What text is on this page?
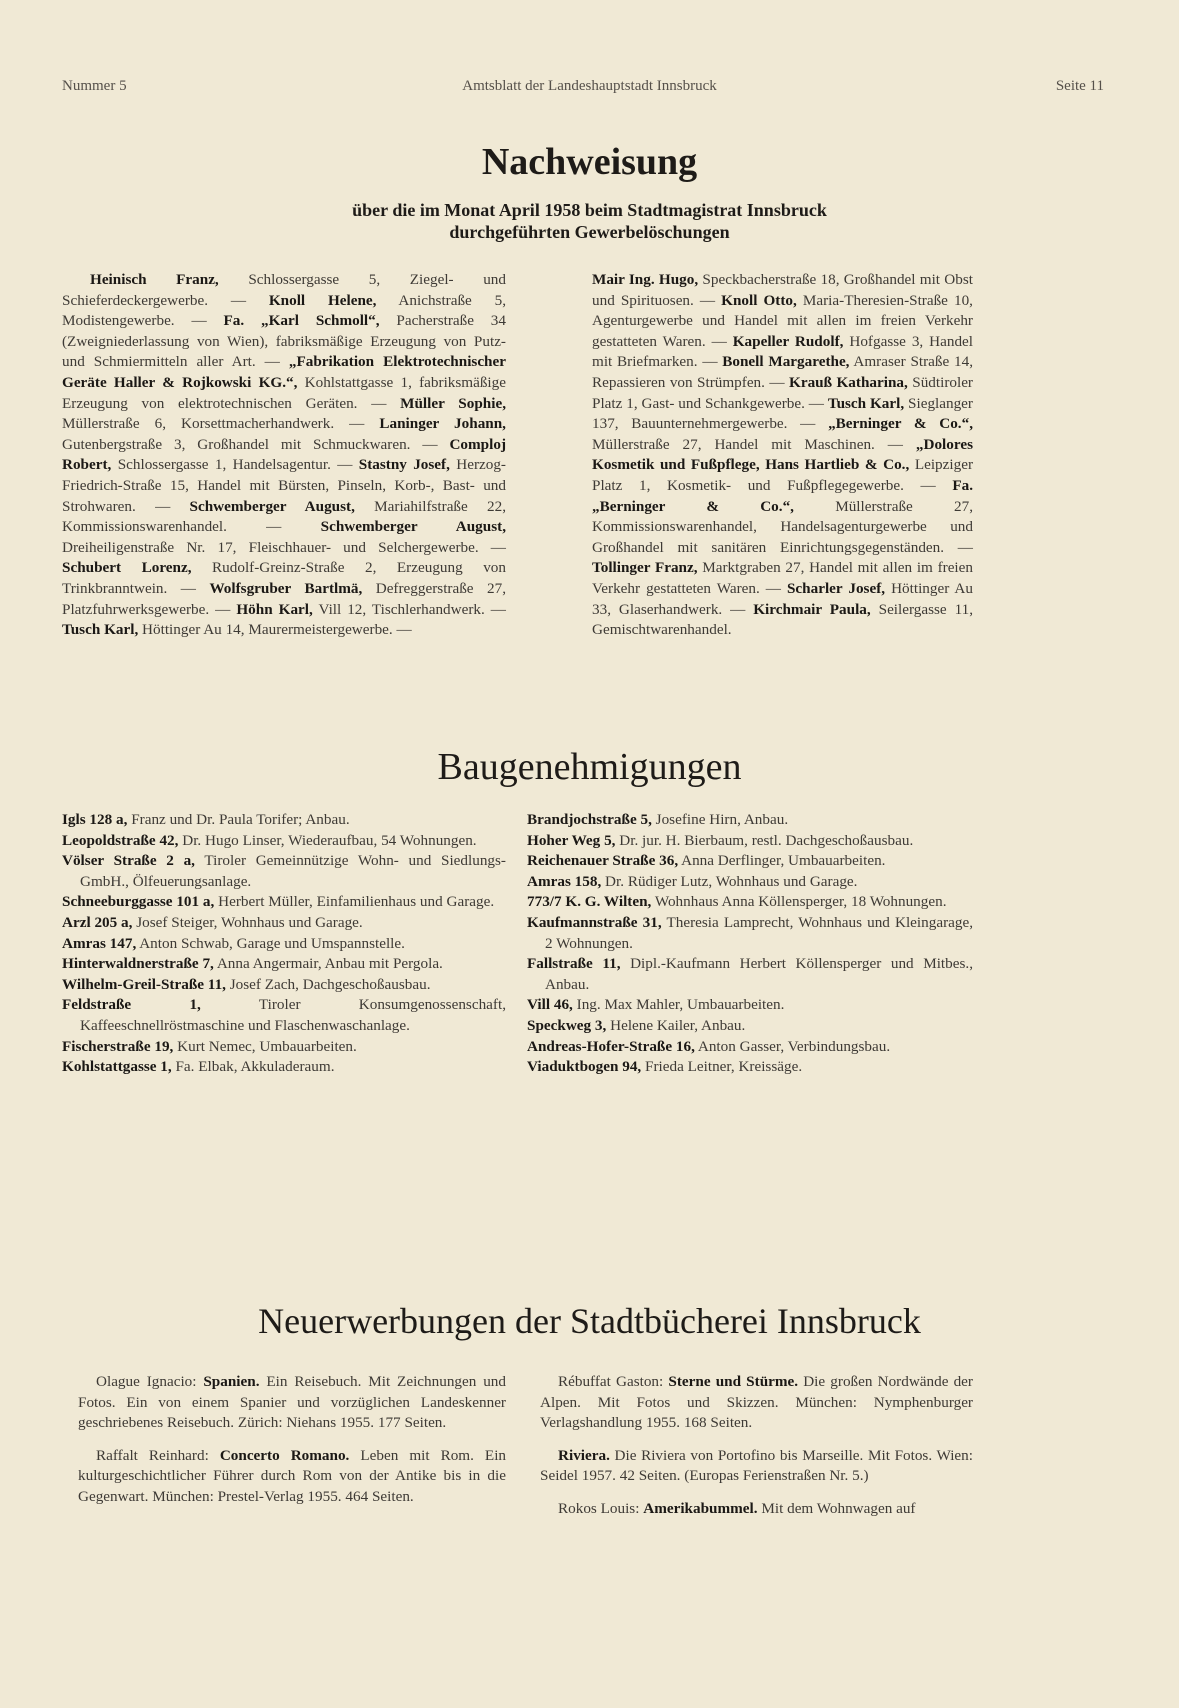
Nummer 5	Amtsblatt der Landeshauptstadt Innsbruck	Seite 11
Nachweisung
über die im Monat April 1958 beim Stadtmagistrat Innsbruck
durchgeführten Gewerbelöschungen
Heinisch Franz, Schlossergasse 5, Ziegel- und Schieferdeckergewerbe. — Knoll Helene, Anichstraße 5, Modistengewerbe. — Fa. „Karl Schmoll“, Pacherstraße 34 (Zweigniederlassung von Wien), fabriksmäßige Erzeugung von Putz- und Schmiermitteln aller Art. — „Fabrikation Elektrotechnischer Geräte Haller & Rojkowski KG.“, Kohlstattgasse 1, fabriksmäßige Erzeugung von elektrotechnischen Geräten. — Müller Sophie, Müllerstraße 6, Korsettmacherhandwerk. — Laninger Johann, Gutenbergstraße 3, Großhandel mit Schmuckwaren. — Comploj Robert, Schlossergasse 1, Handelsagentur. — Stastny Josef, Herzog-Friedrich-Straße 15, Handel mit Bürsten, Pinseln, Korb-, Bast- und Strohwaren. — Schwemberger August, Mariahilfstraße 22, Kommissionswarenhandel. — Schwemberger August, Dreiheiligenstraße Nr. 17, Fleischhauer- und Selchergewerbe. — Schubert Lorenz, Rudolf-Greinz-Straße 2, Erzeugung von Trinkbranntwein. — Wolfsgruber Bartlmä, Defreggerstraße 27, Platzfuhrwerksgewerbe. — Höhn Karl, Vill 12, Tischlerhandwerk. — Tusch Karl, Höttinger Au 14, Maurermeistergewerbe. —
Mair Ing. Hugo, Speckbacherstraße 18, Großhandel mit Obst und Spirituosen. — Knoll Otto, Maria-Theresien-Straße 10, Agenturgewerbe und Handel mit allen im freien Verkehr gestatteten Waren. — Kapeller Rudolf, Hofgasse 3, Handel mit Briefmarken. — Bonell Margarethe, Amraser Straße 14, Repassieren von Strümpfen. — Krauß Katharina, Südtiroler Platz 1, Gast- und Schankgewerbe. — Tusch Karl, Sieglanger 137, Bauunternehmergewerbe. — „Berninger & Co.“, Müllerstraße 27, Handel mit Maschinen. — „Dolores Kosmetik und Fußpflege, Hans Hartlieb & Co., Leipziger Platz 1, Kosmetik- und Fußpflegegewerbe. — Fa. „Berninger & Co.“, Müllerstraße 27, Kommissionswarenhandel, Handelsagenturgewerbe und Großhandel mit sanitären Einrichtungsgegenständen. — Tollinger Franz, Marktgraben 27, Handel mit allen im freien Verkehr gestatteten Waren. — Scharler Josef, Höttinger Au 33, Glaserhandwerk. — Kirchmair Paula, Seilergasse 11, Gemischtwarenhandel.
Baugenehmigungen

Igls 128 a, Franz und Dr. Paula Torifer; Anbau.

Leopoldstraße 42, Dr. Hugo Linser, Wiederaufbau, 54 Wohnungen.

Völser Straße 2 a, Tiroler Gemeinnützige Wohn- und Siedlungs-GmbH., Ölfeuerungsanlage.

Schneeburggasse 101 a, Herbert Müller, Einfamilienhaus und Garage.

Arzl 205 a, Josef Steiger, Wohnhaus und Garage.

Amras 147, Anton Schwab, Garage und Umspannstelle.

Hinterwaldnerstraße 7, Anna Angermair, Anbau mit Pergola.

Wilhelm-Greil-Straße 11, Josef Zach, Dachgeschoßausbau.

Feldstraße 1, Tiroler Konsumgenossenschaft, Kaffeeschnellröstmaschine und Flaschenwaschanlage.

Fischerstraße 19, Kurt Nemec, Umbauarbeiten.

Kohlstattgasse 1, Fa. Elbak, Akkuladeraum.

Brandjochstraße 5, Josefine Hirn, Anbau.

Hoher Weg 5, Dr. jur. H. Bierbaum, restl. Dachgeschoßausbau.

Reichenauer Straße 36, Anna Derflinger, Umbauarbeiten.

Amras 158, Dr. Rüdiger Lutz, Wohnhaus und Garage.

773/7 K. G. Wilten, Wohnhaus Anna Köllensperger, 18 Wohnungen.

Kaufmannstraße 31, Theresia Lamprecht, Wohnhaus und Kleingarage, 2 Wohnungen.

Fallstraße 11, Dipl.-Kaufmann Herbert Köllensperger und Mitbes., Anbau.

Vill 46, Ing. Max Mahler, Umbauarbeiten.

Speckweg 3, Helene Kailer, Anbau.

Andreas-Hofer-Straße 16, Anton Gasser, Verbindungsbau.

Viaduktbogen 94, Frieda Leitner, Kreissäge.

Neuerwerbungen der Stadtbücherei Innsbruck

Olague Ignacio: Spanien. Ein Reisebuch. Mit Zeichnungen und Fotos. Ein von einem Spanier und vorzüglichen Landeskenner geschriebenes Reisebuch. Zürich: Niehans 1955. 177 Seiten.

Raffalt Reinhard: Concerto Romano. Leben mit Rom. Ein kulturgeschichtlicher Führer durch Rom von der Antike bis in die Gegenwart. München: Prestel-Verlag 1955. 464 Seiten.

Rébuffat Gaston: Sterne und Stürme. Die großen Nordwände der Alpen. Mit Fotos und Skizzen. München: Nymphenburger Verlagshandlung 1955. 168 Seiten.

Riviera. Die Riviera von Portofino bis Marseille. Mit Fotos. Wien: Seidel 1957. 42 Seiten. (Europas Ferienstraßen Nr. 5.)

Rokos Louis: Amerikabummel. Mit dem Wohnwagen auf
